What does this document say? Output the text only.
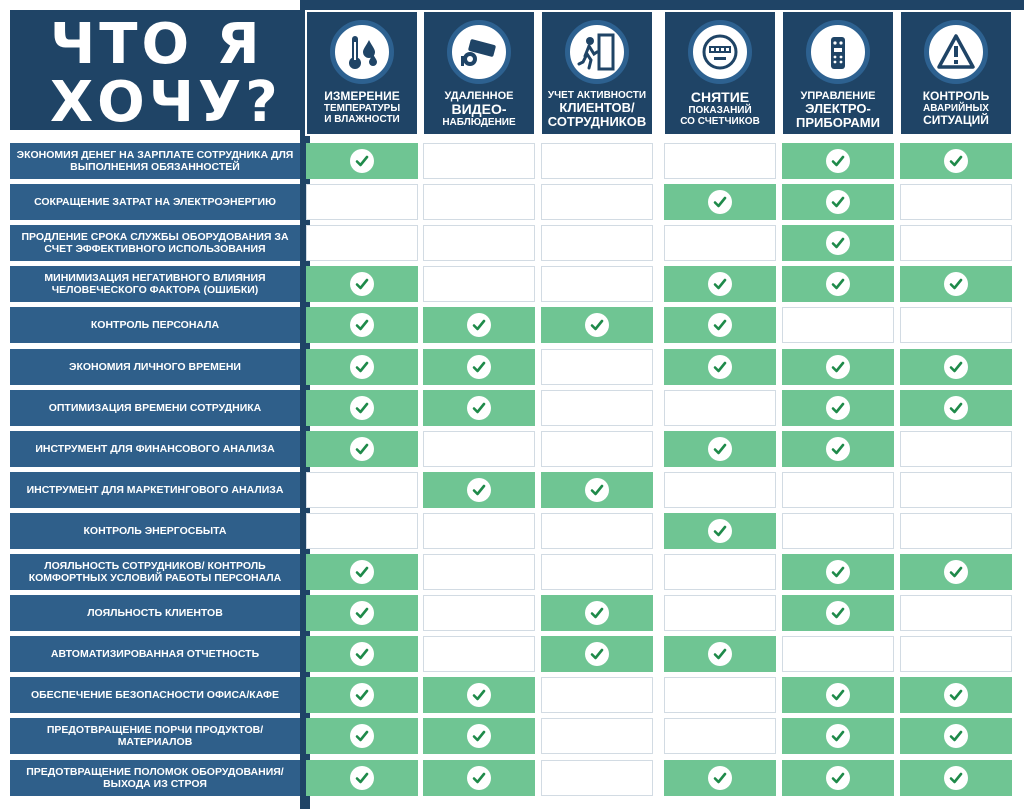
ЧТО Я
ХОЧУ?	ИЗМЕРЕНИЕ
ТЕМПЕРАТУРЫ
И ВЛАЖНОСТИ
УДАЛЕННОЕ
ВИДЕО-
НАБЛЮДЕНИЕ
УЧЕТ АКТИВНОСТИ
КЛИЕНТОВ/
СОТРУДНИКОВ
СНЯТИЕ
ПОКАЗАНИЙ
СО СЧЕТЧИКОВ
УПРАВЛЕНИЕ
ЭЛЕКТРО-
ПРИБОРАМИ
КОНТРОЛЬ
АВАРИЙНЫХ
СИТУАЦИЙ
ЭКОНОМИЯ ДЕНЕГ НА ЗАРПЛАТЕ СОТРУДНИКА ДЛЯ ВЫПОЛНЕНИЯ ОБЯЗАННОСТЕЙ
СОКРАЩЕНИЕ ЗАТРАТ НА ЭЛЕКТРОЭНЕРГИЮ
ПРОДЛЕНИЕ СРОКА СЛУЖБЫ ОБОРУДОВАНИЯ ЗА СЧЕТ ЭФФЕКТИВНОГО ИСПОЛЬЗОВАНИЯ
МИНИМИЗАЦИЯ НЕГАТИВНОГО ВЛИЯНИЯ ЧЕЛОВЕЧЕСКОГО ФАКТОРА (ОШИБКИ)
КОНТРОЛЬ ПЕРСОНАЛА
ЭКОНОМИЯ ЛИЧНОГО ВРЕМЕНИ
ОПТИМИЗАЦИЯ ВРЕМЕНИ СОТРУДНИКА
ИНСТРУМЕНТ ДЛЯ ФИНАНСОВОГО АНАЛИЗА
ИНСТРУМЕНТ ДЛЯ МАРКЕТИНГОВОГО АНАЛИЗА
КОНТРОЛЬ ЭНЕРГОСБЫТА
ЛОЯЛЬНОСТЬ СОТРУДНИКОВ/ КОНТРОЛЬ КОМФОРТНЫХ УСЛОВИЙ РАБОТЫ ПЕРСОНАЛА
ЛОЯЛЬНОСТЬ КЛИЕНТОВ
АВТОМАТИЗИРОВАННАЯ ОТЧЕТНОСТЬ
ОБЕСПЕЧЕНИЕ БЕЗОПАСНОСТИ ОФИСА/КАФЕ
ПРЕДОТВРАЩЕНИЕ ПОРЧИ ПРОДУКТОВ/МАТЕРИАЛОВ
ПРЕДОТВРАЩЕНИЕ ПОЛОМОК ОБОРУДОВАНИЯ/ ВЫХОДА ИЗ СТРОЯ
